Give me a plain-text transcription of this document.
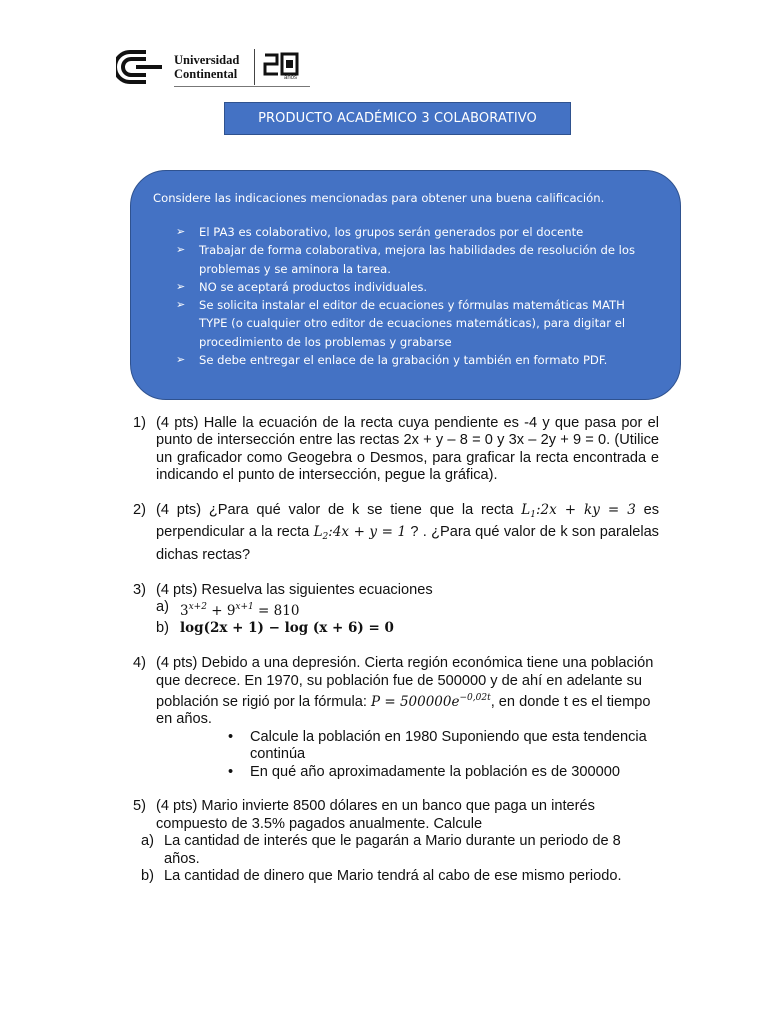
Universidad
Continental	años
PRODUCTO ACADÉMICO 3 COLABORATIVO
Considere las indicaciones mencionadas para obtener una buena calificación.
➢ El PA3 es colaborativo, los grupos serán generados por el docente
➢ Trabajar de forma colaborativa, mejora las habilidades de resolución de los problemas y se aminora la tarea.
➢ NO se aceptará productos individuales.
➢ Se solicita instalar el editor de ecuaciones y fórmulas matemáticas MATH TYPE (o cualquier otro editor de ecuaciones matemáticas), para digitar el procedimiento de los problemas y grabarse
➢ Se debe entregar el enlace de la grabación y también en formato PDF.
1) (4 pts) Halle la ecuación de la recta cuya pendiente es -4 y que pasa por el punto de intersección entre las rectas 2x + y – 8 = 0 y 3x – 2y + 9 = 0. (Utilice un graficador como Geogebra o Desmos, para graficar la recta encontrada e indicando el punto de intersección, pegue la gráfica).
2) (4 pts) ¿Para qué valor de k se tiene que la recta $L_1:2x$ + ky = 3 es perpendicular a la recta $L_2:4x + y = 1$ ? . ¿Para qué valor de k son paralelas dichas rectas?
3) (4 pts) Resuelva las siguientes ecuaciones
a) $3^{x+2} + 9^{x+1} = 810$
b) log(2x + 1) − log (x + 6) = 0
4) (4 pts) Debido a una depresión. Cierta región económica tiene una población que decrece. En 1970, su población fue de 500000 y de ahí en adelante su población se rigió por la fórmula: $P = 500000e^{-0,02t}$, en donde t es el tiempo en años.
• Calcule la población en 1980 Suponiendo que esta tendencia continúa
• En qué año aproximadamente la población es de 300000
5) (4 pts) Mario invierte 8500 dólares en un banco que paga un interés compuesto de 3.5% pagados anualmente. Calcule
a) La cantidad de interés que le pagarán a Mario durante un periodo de 8 años.
b) La cantidad de dinero que Mario tendrá al cabo de ese mismo periodo.
